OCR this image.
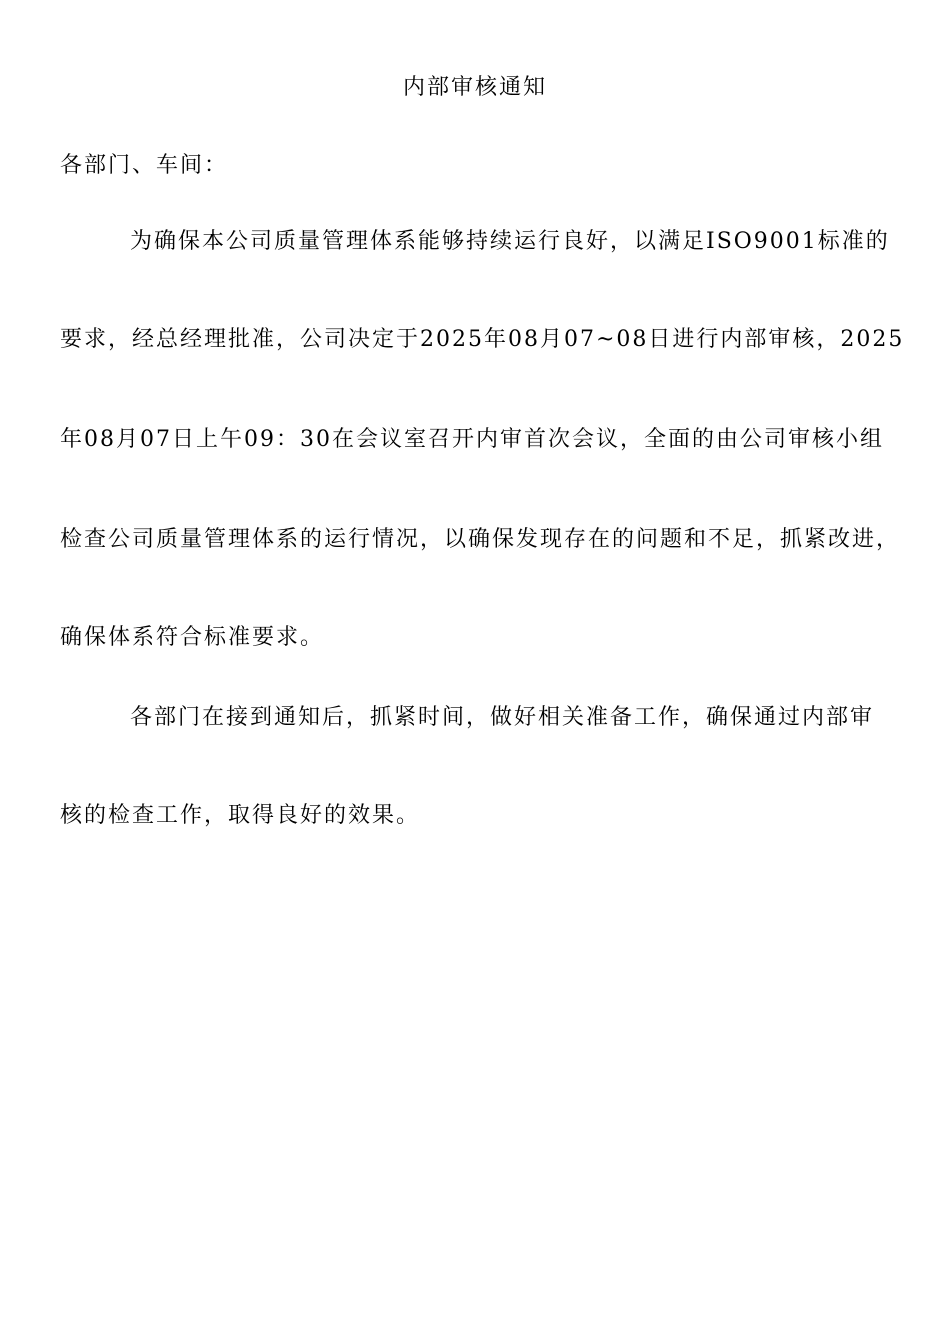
内部审核通知
各部门、车间：
为确保本公司质量管理体系能够持续运行良好，以满足ISO9001标准的
要求，经总经理批准，公司决定于2025年08月07~08日进行内部审核，2025
年08月07日上午09：30在会议室召开内审首次会议，全面的由公司审核小组
检查公司质量管理体系的运行情况，以确保发现存在的问题和不足，抓紧改进，
确保体系符合标准要求。
各部门在接到通知后，抓紧时间，做好相关准备工作，确保通过内部审
核的检查工作，取得良好的效果。
